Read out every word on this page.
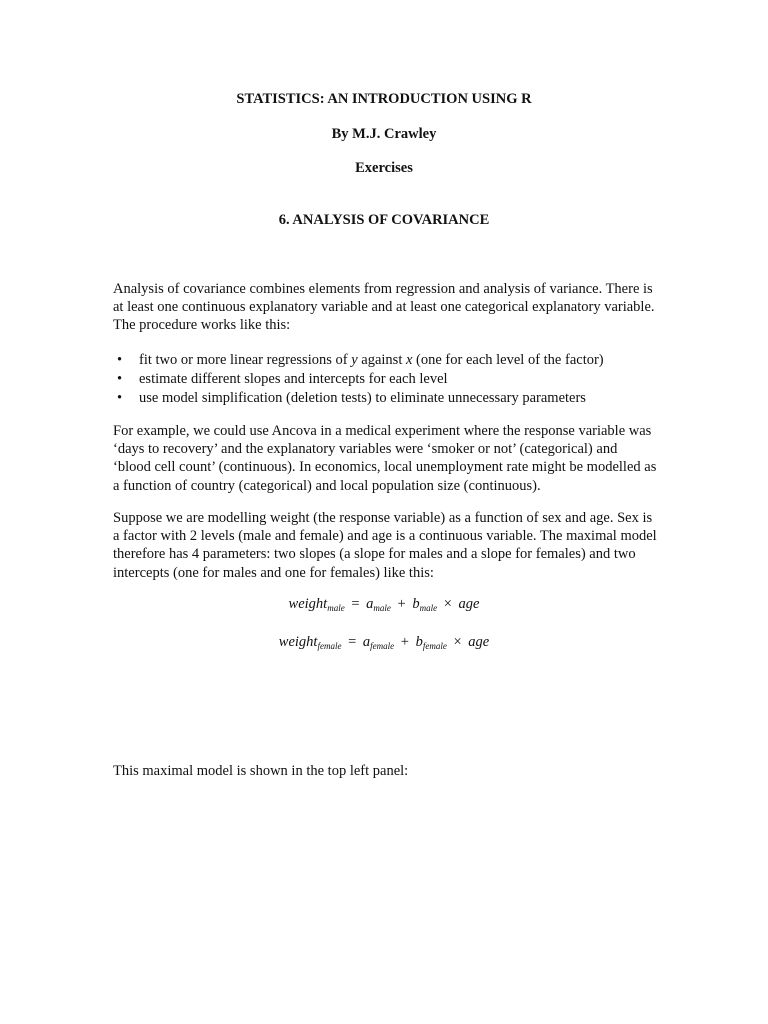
STATISTICS: AN INTRODUCTION USING R
By M.J. Crawley
Exercises
6. ANALYSIS OF COVARIANCE

Analysis of covariance combines elements from regression and analysis of variance. There is at least one continuous explanatory variable and at least one categorical explanatory variable. The procedure works like this:

• fit two or more linear regressions of y against x (one for each level of the factor)
• estimate different slopes and intercepts for each level
• use model simplification (deletion tests) to eliminate unnecessary parameters

For example, we could use Ancova in a medical experiment where the response variable was ‘days to recovery’ and the explanatory variables were ‘smoker or not’ (categorical) and ‘blood cell count’ (continuous). In economics, local unemployment rate might be modelled as a function of country (categorical) and local population size (continuous).

Suppose we are modelling weight (the response variable) as a function of sex and age. Sex is a factor with 2 levels (male and female) and age is a continuous variable. The maximal model therefore has 4 parameters: two slopes (a slope for males and a slope for females) and two intercepts (one for males and one for females) like this:

weight$_{male}$ = $a_{male} + b_{male}$ × age
weight$_{female}$ = $a_{female} + b_{female}$ × age

This maximal model is shown in the top left panel:
